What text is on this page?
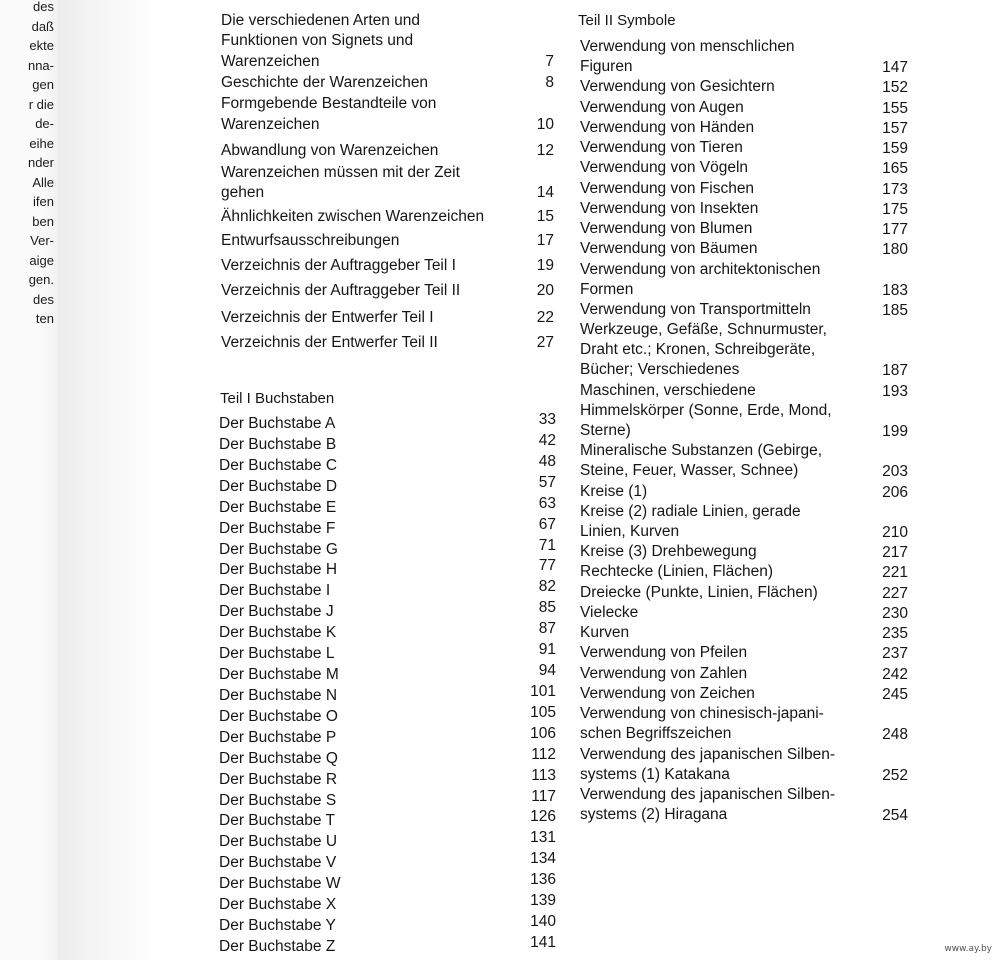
des
daß
ekte
nna-
gen
r die
de-
eihe
nder
Alle
ifen
ben
Ver-
aige
gen.
des
ten
Die verschiedenen Arten und
Funktionen von Signets und
Warenzeichen	7
Geschichte der Warenzeichen	8
Formgebende Bestandteile von
Warenzeichen	10
Abwandlung von Warenzeichen	12
Warenzeichen müssen mit der Zeit
gehen	14
Ähnlichkeiten zwischen Warenzeichen	15
Entwurfsausschreibungen	17
Verzeichnis der Auftraggeber Teil I	19
Verzeichnis der Auftraggeber Teil II	20
Verzeichnis der Entwerfer Teil I	22
Verzeichnis der Entwerfer Teil II	27
Teil I Buchstaben
Der Buchstabe A	33
Der Buchstabe B	42
Der Buchstabe C	48
Der Buchstabe D	57
Der Buchstabe E	63
Der Buchstabe F	67
Der Buchstabe G	71
Der Buchstabe H	77
Der Buchstabe I	82
Der Buchstabe J	85
Der Buchstabe K	87
Der Buchstabe L	91
Der Buchstabe M	94
Der Buchstabe N	101
Der Buchstabe O	105
Der Buchstabe P	106
Der Buchstabe Q	112
Der Buchstabe R	113
Der Buchstabe S	117
Der Buchstabe T	126
Der Buchstabe U	131
Der Buchstabe V	134
Der Buchstabe W	136
Der Buchstabe X	139
Der Buchstabe Y	140
Der Buchstabe Z	141
Teil II Symbole
Verwendung von menschlichen
Figuren	147
Verwendung von Gesichtern	152
Verwendung von Augen	155
Verwendung von Händen	157
Verwendung von Tieren	159
Verwendung von Vögeln	165
Verwendung von Fischen	173
Verwendung von Insekten	175
Verwendung von Blumen	177
Verwendung von Bäumen	180
Verwendung von architektonischen
Formen	183
Verwendung von Transportmitteln	185
Werkzeuge, Gefäße, Schnurmuster,
Draht etc.; Kronen, Schreibgeräte,
Bücher; Verschiedenes	187
Maschinen, verschiedene	193
Himmelskörper (Sonne, Erde, Mond,
Sterne)	199
Mineralische Substanzen (Gebirge,
Steine, Feuer, Wasser, Schnee)	203
Kreise (1)	206
Kreise (2) radiale Linien, gerade
Linien, Kurven	210
Kreise (3) Drehbewegung	217
Rechtecke (Linien, Flächen)	221
Dreiecke (Punkte, Linien, Flächen)	227
Vielecke	230
Kurven	235
Verwendung von Pfeilen	237
Verwendung von Zahlen	242
Verwendung von Zeichen	245
Verwendung von chinesisch-japani-
schen Begriffszeichen	248
Verwendung des japanischen Silben-
systems (1) Katakana	252
Verwendung des japanischen Silben-
systems (2) Hiragana	254
www.ay.by
